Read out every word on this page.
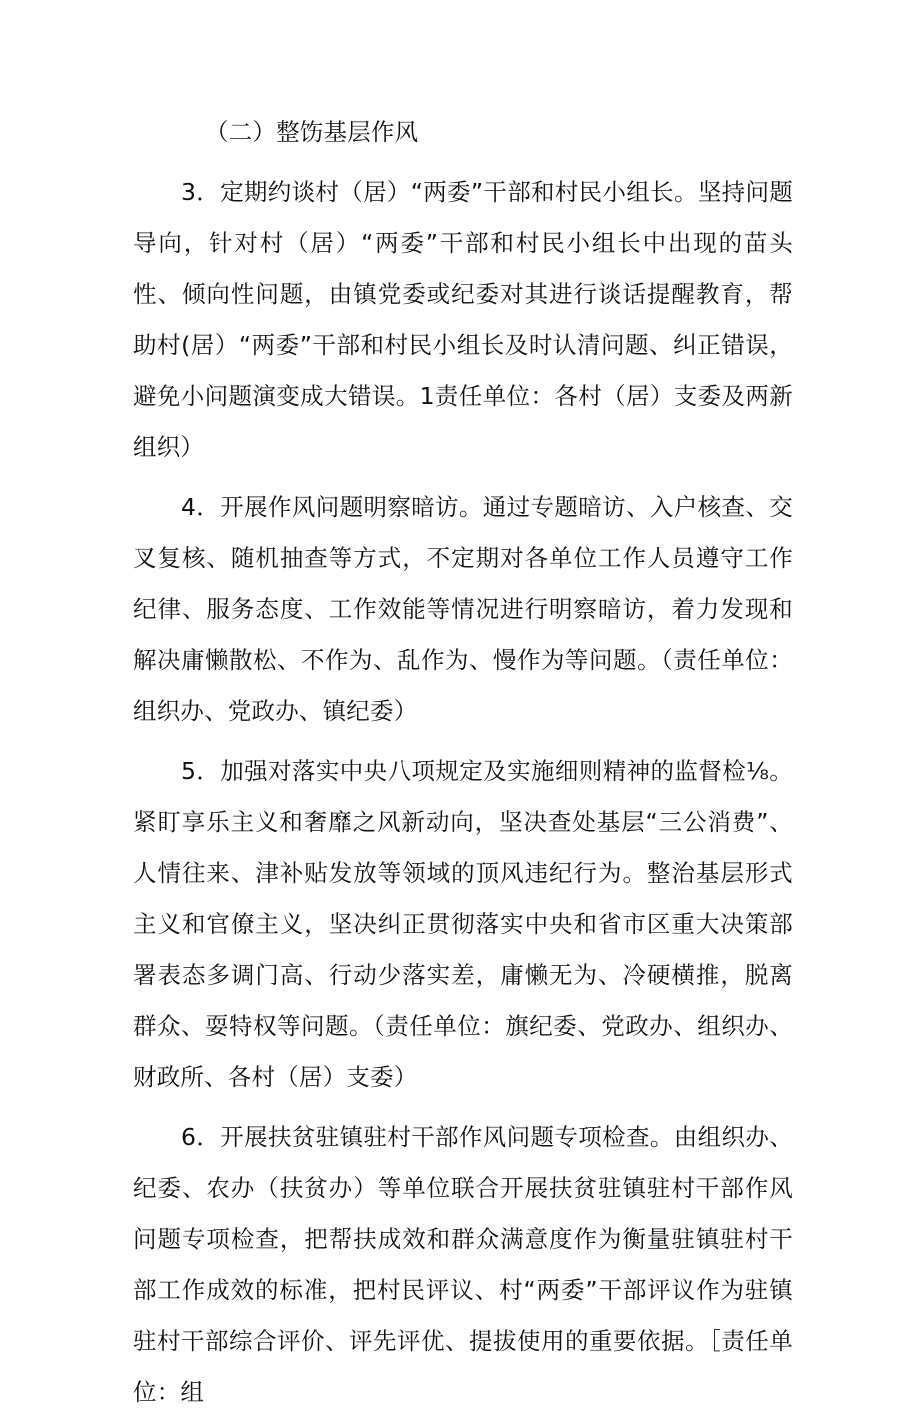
（二）整饬基层作风

3．定期约谈村（居）“两委”干部和村民小组长。坚持问题导向，针对村（居）“两委”干部和村民小组长中出现的苗头性、倾向性问题，由镇党委或纪委对其进行谈话提醒教育，帮助村(居）“两委”干部和村民小组长及时认清问题、纠正错误，避免小问题演变成大错误。1责任单位：各村（居）支委及两新组织）

4．开展作风问题明察暗访。通过专题暗访、入户核查、交叉复核、随机抽查等方式，不定期对各单位工作人员遵守工作纪律、服务态度、工作效能等情况进行明察暗访，着力发现和解决庸懒散松、不作为、乱作为、慢作为等问题。（责任单位：组织办、党政办、镇纪委）

5．加强对落实中央八项规定及实施细则精神的监督检⅛。紧盯享乐主义和奢靡之风新动向，坚决查处基层“三公消费”、人情往来、津补贴发放等领域的顶风违纪行为。整治基层形式主义和官僚主义，坚决纠正贯彻落实中央和省市区重大决策部署表态多调门高、行动少落实差，庸懒无为、冷硬横推，脱离群众、耍特权等问题。（责任单位：旗纪委、党政办、组织办、财政所、各村（居）支委）

6．开展扶贫驻镇驻村干部作风问题专项检查。由组织办、纪委、农办（扶贫办）等单位联合开展扶贫驻镇驻村干部作风问题专项检查，把帮扶成效和群众满意度作为衡量驻镇驻村干部工作成效的标准，把村民评议、村“两委”干部评议作为驻镇驻村干部综合评价、评先评优、提拔使用的重要依据。［责任单位：组
